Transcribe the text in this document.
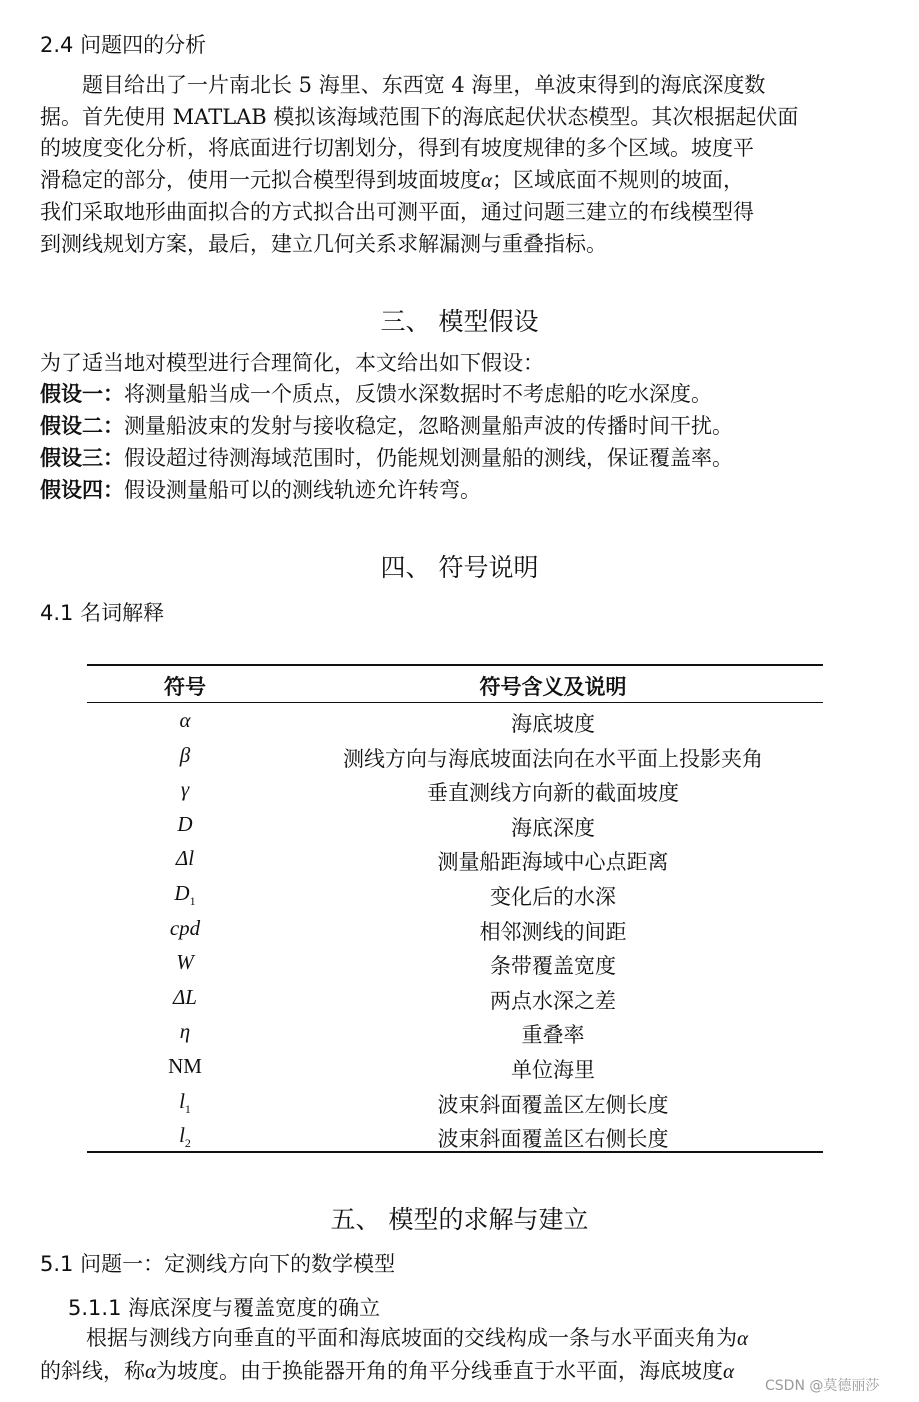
2.4 问题四的分析
题目给出了一片南北长 5 海里、东西宽 4 海里，单波束得到的海底深度数
据。首先使用 MATLAB 模拟该海域范围下的海底起伏状态模型。其次根据起伏面
的坡度变化分析，将底面进行切割划分，得到有坡度规律的多个区域。坡度平
滑稳定的部分，使用一元拟合模型得到坡面坡度α；区域底面不规则的坡面，
我们采取地形曲面拟合的方式拟合出可测平面，通过问题三建立的布线模型得
到测线规划方案，最后，建立几何关系求解漏测与重叠指标。
三、 模型假设
为了适当地对模型进行合理简化，本文给出如下假设：
假设一：将测量船当成一个质点，反馈水深数据时不考虑船的吃水深度。
假设二：测量船波束的发射与接收稳定，忽略测量船声波的传播时间干扰。
假设三：假设超过待测海域范围时，仍能规划测量船的测线，保证覆盖率。
假设四：假设测量船可以的测线轨迹允许转弯。
四、 符号说明
4.1 名词解释
符号	符号含义及说明
α	海底坡度
β	测线方向与海底坡面法向在水平面上投影夹角
γ	垂直测线方向新的截面坡度
D	海底深度
Δl	测量船距海域中心点距离
$D_1$	变化后的水深
cpd	相邻测线的间距
W	条带覆盖宽度
ΔL	两点水深之差
η	重叠率
NM	单位海里
$l_1$	波束斜面覆盖区左侧长度
$l_2$	波束斜面覆盖区右侧长度
五、 模型的求解与建立
5.1 问题一：定测线方向下的数学模型
5.1.1 海底深度与覆盖宽度的确立
根据与测线方向垂直的平面和海底坡面的交线构成一条与水平面夹角为α
的斜线，称α为坡度。由于换能器开角的角平分线垂直于水平面，海底坡度α
CSDN @莫德丽莎
